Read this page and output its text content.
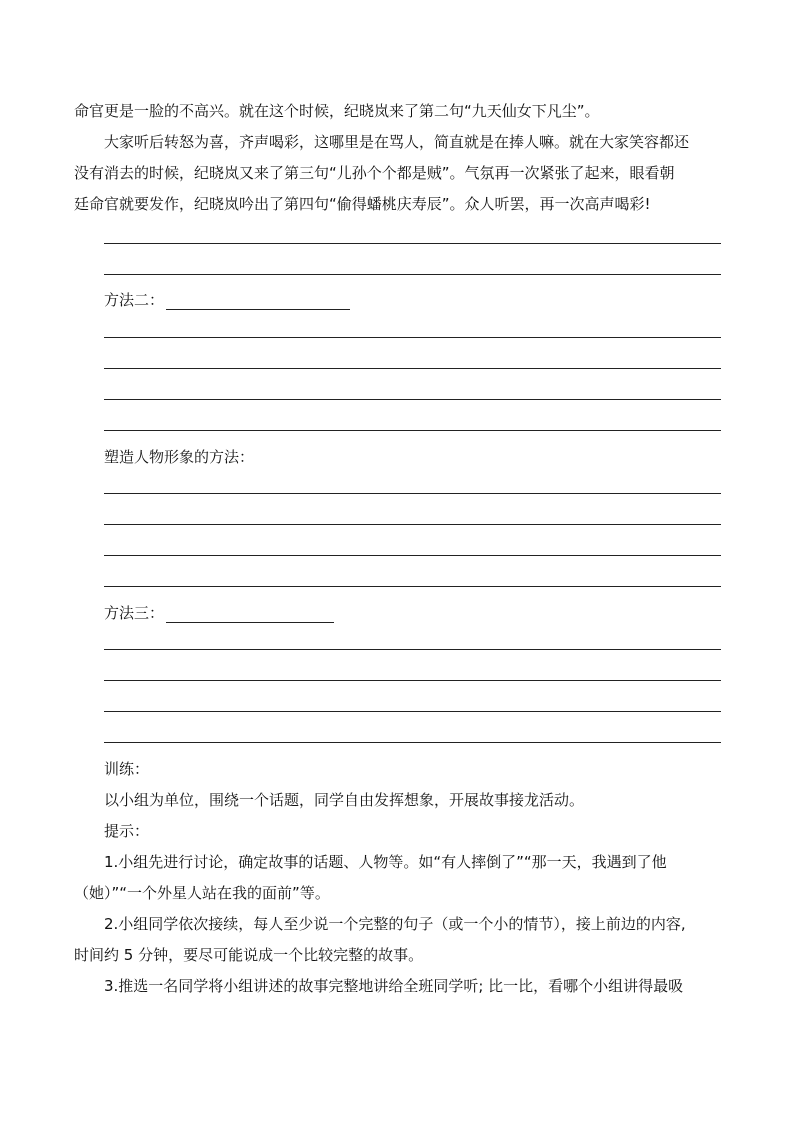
命官更是一脸的不高兴。就在这个时候，纪晓岚来了第二句“九天仙女下凡尘”。
大家听后转怒为喜，齐声喝彩，这哪里是在骂人，简直就是在捧人嘛。就在大家笑容都还
没有消去的时候，纪晓岚又来了第三句“儿孙个个都是贼”。气氛再一次紧张了起来，眼看朝
廷命官就要发作，纪晓岚吟出了第四句“偷得蟠桃庆寿辰”。众人听罢，再一次高声喝彩!
方法二：
塑造人物形象的方法：
方法三：
训练：
以小组为单位，围绕一个话题，同学自由发挥想象，开展故事接龙活动。
提示：
1.小组先进行讨论，确定故事的话题、人物等。如“有人摔倒了”“那一天，我遇到了他
（她）”“一个外星人站在我的面前”等。
2.小组同学依次接续，每人至少说一个完整的句子（或一个小的情节），接上前边的内容,
时间约 5 分钟，要尽可能说成一个比较完整的故事。
3.推选一名同学将小组讲述的故事完整地讲给全班同学听; 比一比，看哪个小组讲得最吸
